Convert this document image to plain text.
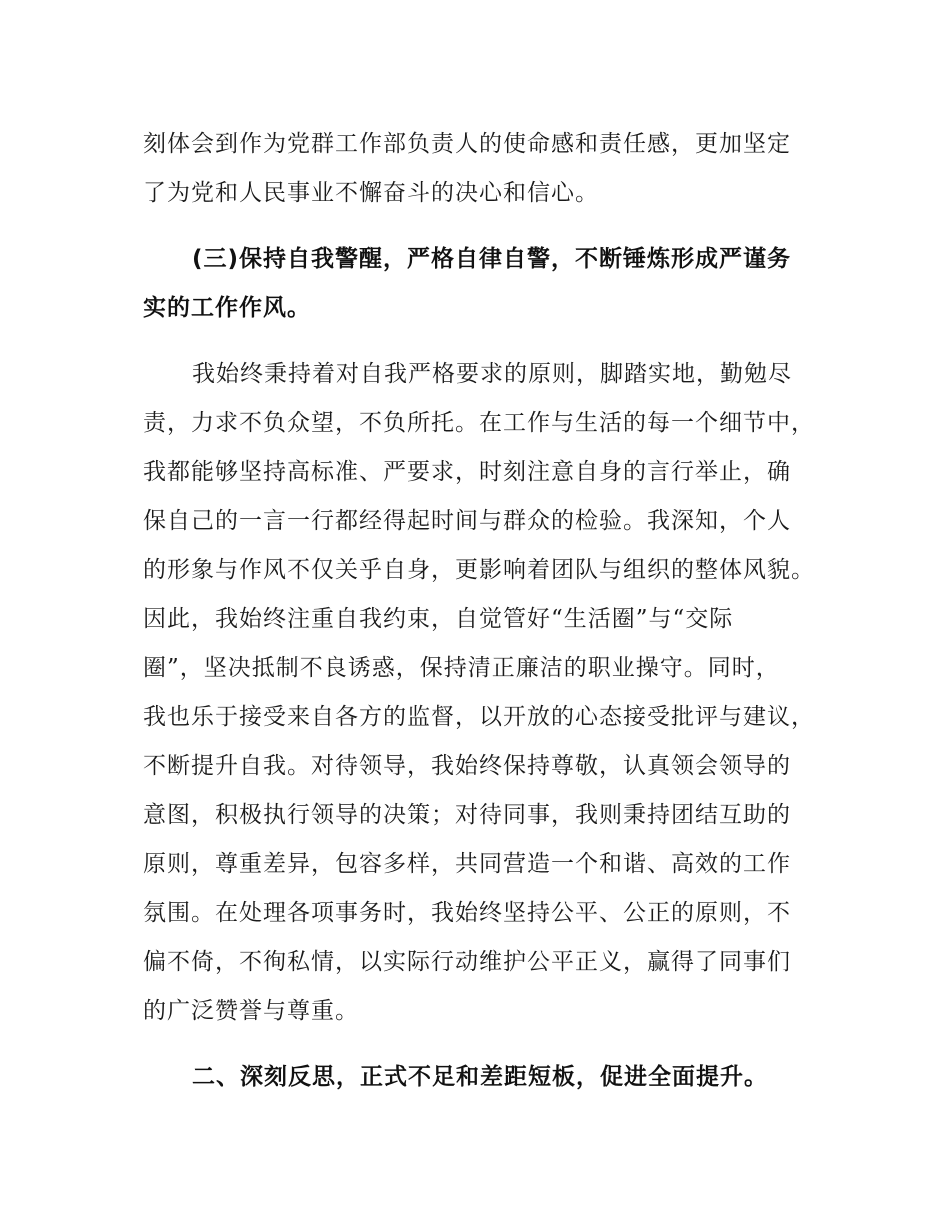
刻体会到作为党群工作部负责人的使命感和责任感，更加坚定
了为党和人民事业不懈奋斗的决心和信心。
(三)保持自我警醒，严格自律自警，不断锤炼形成严谨务
实的工作作风。
我始终秉持着对自我严格要求的原则，脚踏实地，勤勉尽
责，力求不负众望，不负所托。在工作与生活的每一个细节中，
我都能够坚持高标准、严要求，时刻注意自身的言行举止，确
保自己的一言一行都经得起时间与群众的检验。我深知，个人
的形象与作风不仅关乎自身，更影响着团队与组织的整体风貌。
因此，我始终注重自我约束，自觉管好“生活圈”与“交际
圈”，坚决抵制不良诱惑，保持清正廉洁的职业操守。同时，
我也乐于接受来自各方的监督，以开放的心态接受批评与建议，
不断提升自我。对待领导，我始终保持尊敬，认真领会领导的
意图，积极执行领导的决策；对待同事，我则秉持团结互助的
原则，尊重差异，包容多样，共同营造一个和谐、高效的工作
氛围。在处理各项事务时，我始终坚持公平、公正的原则，不
偏不倚，不徇私情，以实际行动维护公平正义，赢得了同事们
的广泛赞誉与尊重。
二、深刻反思，正式不足和差距短板，促进全面提升。
